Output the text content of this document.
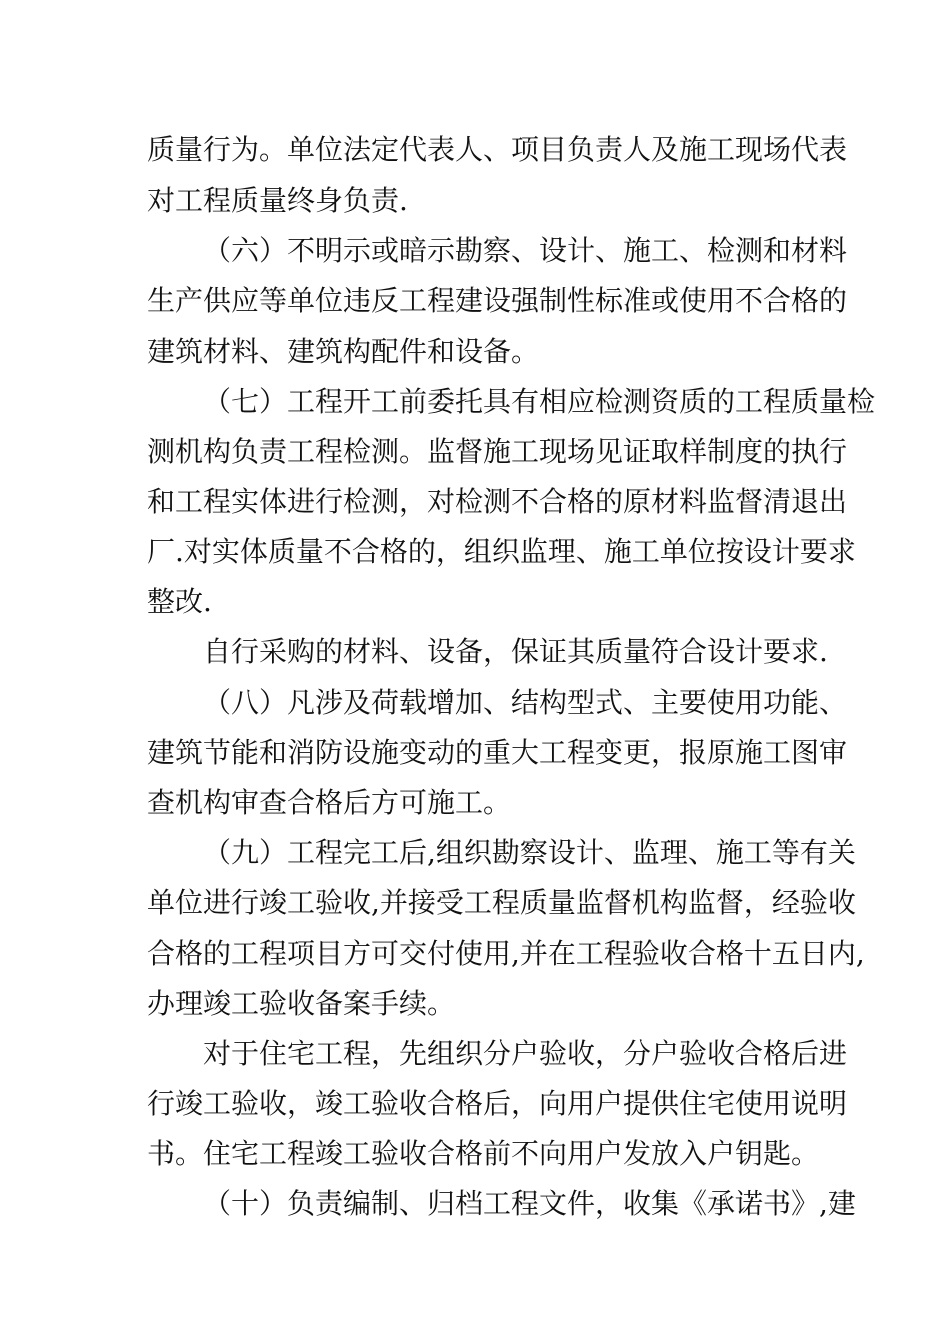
质量行为。单位法定代表人、项目负责人及施工现场代表
对工程质量终身负责.
（六）不明示或暗示勘察、设计、施工、检测和材料
生产供应等单位违反工程建设强制性标准或使用不合格的
建筑材料、建筑构配件和设备。
（七）工程开工前委托具有相应检测资质的工程质量检
测机构负责工程检测。监督施工现场见证取样制度的执行
和工程实体进行检测，对检测不合格的原材料监督清退出
厂.对实体质量不合格的，组织监理、施工单位按设计要求
整改.
自行采购的材料、设备，保证其质量符合设计要求.
（八）凡涉及荷载增加、结构型式、主要使用功能、
建筑节能和消防设施变动的重大工程变更，报原施工图审
查机构审查合格后方可施工。
（九）工程完工后,组织勘察设计、监理、施工等有关
单位进行竣工验收,并接受工程质量监督机构监督，经验收
合格的工程项目方可交付使用,并在工程验收合格十五日内,
办理竣工验收备案手续。
对于住宅工程，先组织分户验收，分户验收合格后进
行竣工验收，竣工验收合格后，向用户提供住宅使用说明
书。住宅工程竣工验收合格前不向用户发放入户钥匙。
（十）负责编制、归档工程文件，收集《承诺书》,建
